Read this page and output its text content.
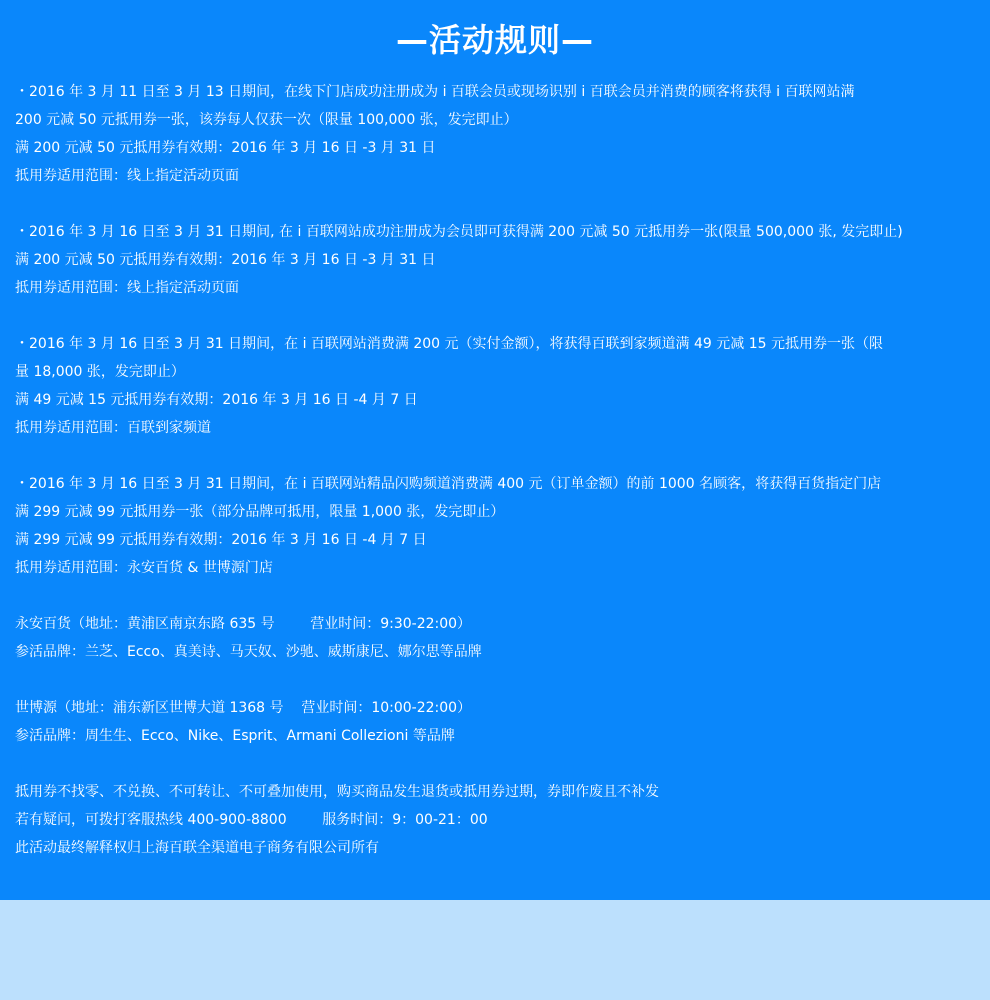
—活动规则—
・2016 年 3 月 11 日至 3 月 13 日期间，在线下门店成功注册成为 i 百联会员或现场识别 i 百联会员并消费的顾客将获得 i 百联网站满
200 元减 50 元抵用券一张，该券每人仅获一次（限量 100,000 张，发完即止）
满 200 元减 50 元抵用券有效期：2016 年 3 月 16 日 -3 月 31 日
抵用券适用范围：线上指定活动页面
・2016 年 3 月 16 日至 3 月 31 日期间, 在 i 百联网站成功注册成为会员即可获得满 200 元减 50 元抵用券一张(限量 500,000 张, 发完即止)
满 200 元减 50 元抵用券有效期：2016 年 3 月 16 日 -3 月 31 日
抵用券适用范围：线上指定活动页面
・2016 年 3 月 16 日至 3 月 31 日期间，在 i 百联网站消费满 200 元（实付金额），将获得百联到家频道满 49 元减 15 元抵用券一张（限
量 18,000 张，发完即止）
满 49 元减 15 元抵用券有效期：2016 年 3 月 16 日 -4 月 7 日
抵用券适用范围：百联到家频道
・2016 年 3 月 16 日至 3 月 31 日期间，在 i 百联网站精品闪购频道消费满 400 元（订单金额）的前 1000 名顾客，将获得百货指定门店
满 299 元减 99 元抵用券一张（部分品牌可抵用，限量 1,000 张，发完即止）
满 299 元减 99 元抵用券有效期：2016 年 3 月 16 日 -4 月 7 日
抵用券适用范围：永安百货 & 世博源门店
永安百货（地址：黄浦区南京东路 635 号        营业时间：9:30-22:00）
参活品牌：兰芝、Ecco、真美诗、马天奴、沙驰、威斯康尼、娜尔思等品牌
世博源（地址：浦东新区世博大道 1368 号    营业时间：10:00-22:00）
参活品牌：周生生、Ecco、Nike、Esprit、Armani Collezioni 等品牌
抵用券不找零、不兑换、不可转让、不可叠加使用，购买商品发生退货或抵用券过期，券即作废且不补发
若有疑问，可拨打客服热线 400-900-8800        服务时间：9：00-21：00
此活动最终解释权归上海百联全渠道电子商务有限公司所有
